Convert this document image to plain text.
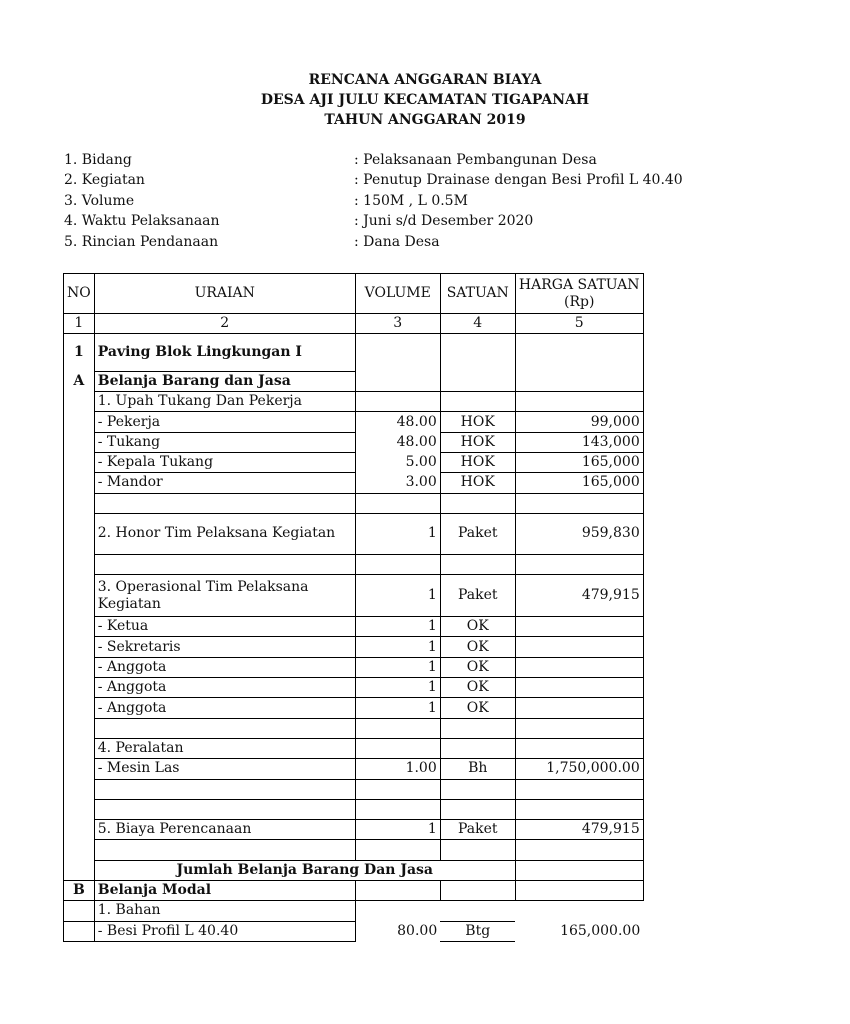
RENCANA ANGGARAN BIAYA
DESA AJI JULU KECAMATAN TIGAPANAH
TAHUN ANGGARAN 2019
1. Bidang	: Pelaksanaan Pembangunan Desa
2. Kegiatan	: Penutup Drainase dengan Besi Profil L 40.40
3. Volume	: 150M , L 0.5M
4. Waktu Pelaksanaan	: Juni s/d Desember 2020
5. Rincian Pendanaan	: Dana Desa
NO	URAIAN	VOLUME	SATUAN	HARGA SATUAN (Rp)
1	2	3	4	5
1	Paving Blok Lingkungan I			
A	Belanja Barang dan Jasa			
	1. Upah Tukang Dan Pekerja			
	- Pekerja	48.00	HOK	99,000
	- Tukang	48.00	HOK	143,000
	- Kepala Tukang	5.00	HOK	165,000
	- Mandor	3.00	HOK	165,000

	2. Honor Tim Pelaksana Kegiatan	1	Paket	959,830

	3. Operasional Tim Pelaksana Kegiatan	1	Paket	479,915
	- Ketua	1	OK	
	- Sekretaris	1	OK	
	- Anggota	1	OK	
	- Anggota	1	OK	
	- Anggota	1	OK	

	4. Peralatan			
	- Mesin Las	1.00	Bh	1,750,000.00

	5. Biaya Perencanaan	1	Paket	479,915

	Jumlah Belanja Barang Dan Jasa			
B	Belanja Modal			
	1. Bahan			
	- Besi Profil L 40.40	80.00	Btg	165,000.00
